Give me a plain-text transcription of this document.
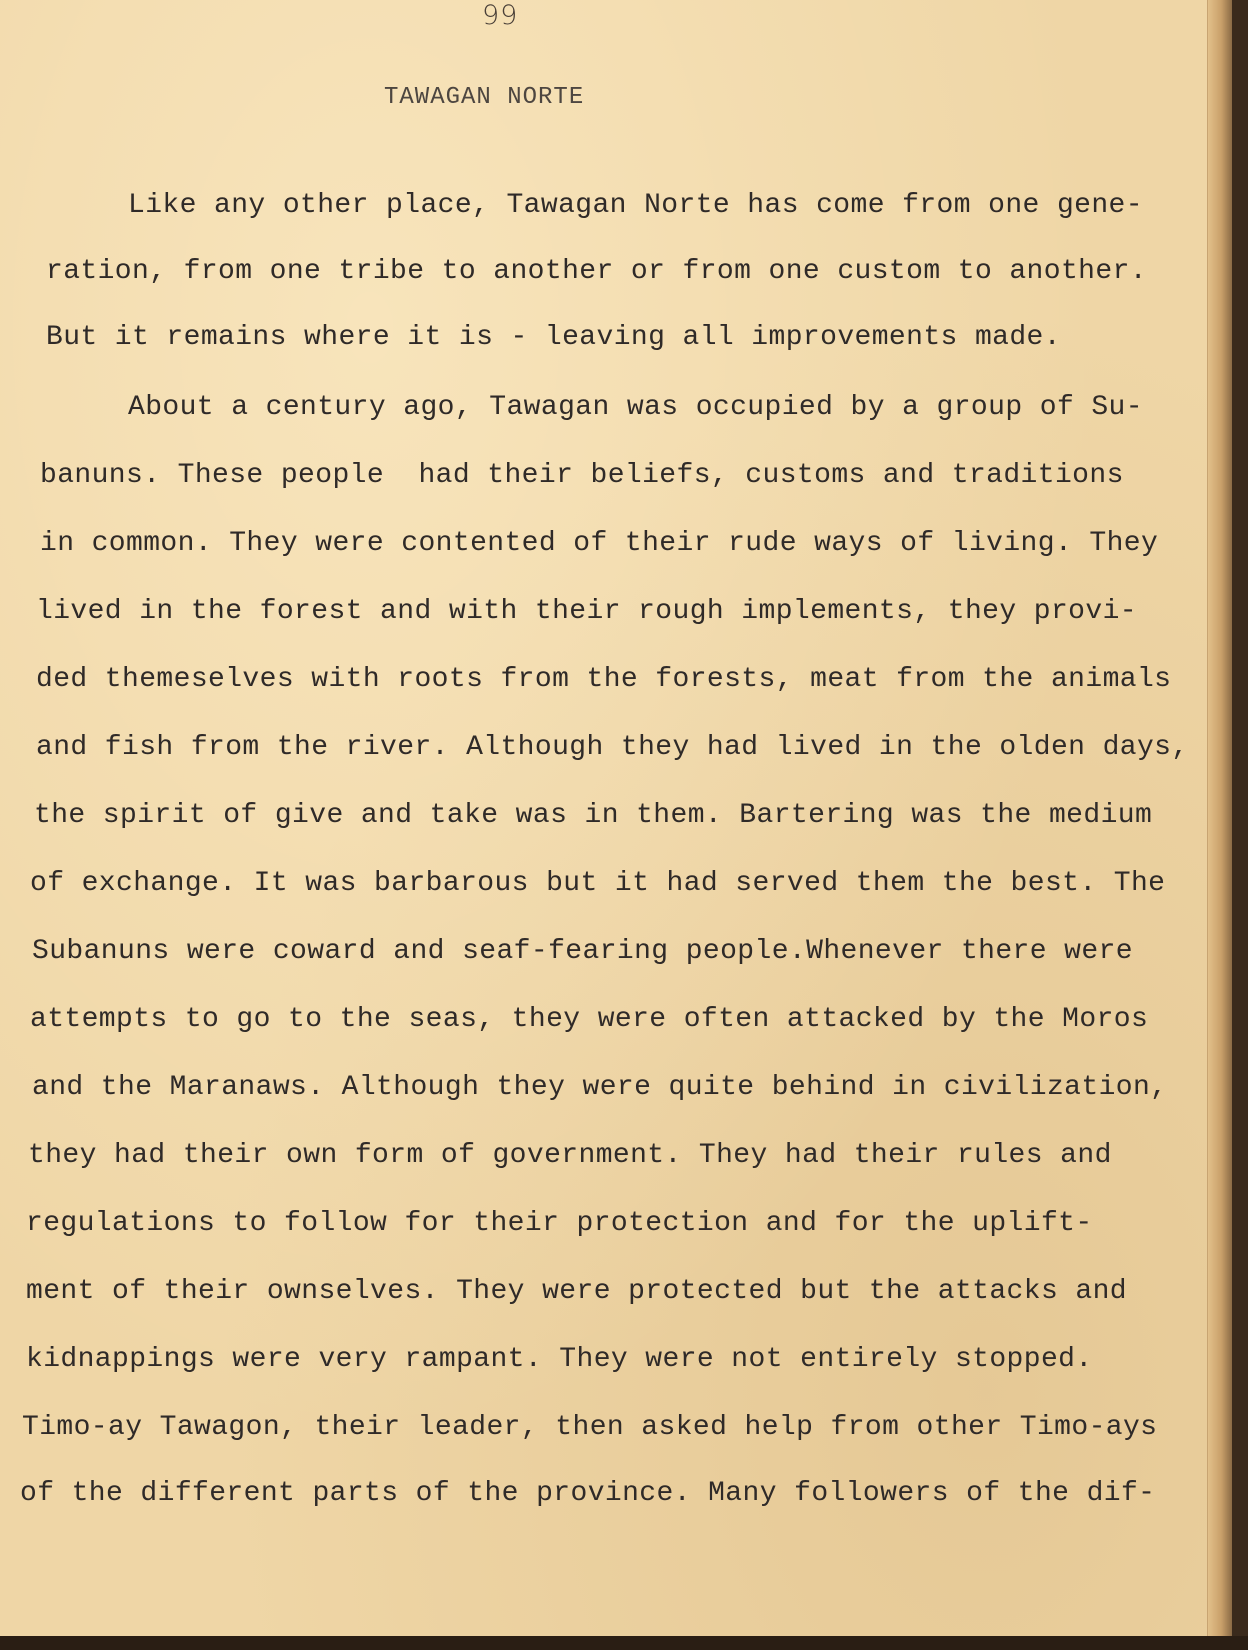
99
TAWAGAN NORTE
Like any other place, Tawagan Norte has come from one gene-
ration, from one tribe to another or from one custom to another.
But it remains where it is - leaving all improvements made.
About a century ago, Tawagan was occupied by a group of Su-
banuns. These people  had their beliefs, customs and traditions
in common. They were contented of their rude ways of living. They
lived in the forest and with their rough implements, they provi-
ded themeselves with roots from the forests, meat from the animals
and fish from the river. Although they had lived in the olden days,
the spirit of give and take was in them. Bartering was the medium
of exchange. It was barbarous but it had served them the best. The
Subanuns were coward and seaf-fearing people.Whenever there were
attempts to go to the seas, they were often attacked by the Moros
and the Maranaws. Although they were quite behind in civilization,
they had their own form of government. They had their rules and
regulations to follow for their protection and for the uplift-
ment of their ownselves. They were protected but the attacks and
kidnappings were very rampant. They were not entirely stopped.
Timo-ay Tawagon, their leader, then asked help from other Timo-ays
of the different parts of the province. Many followers of the dif-
